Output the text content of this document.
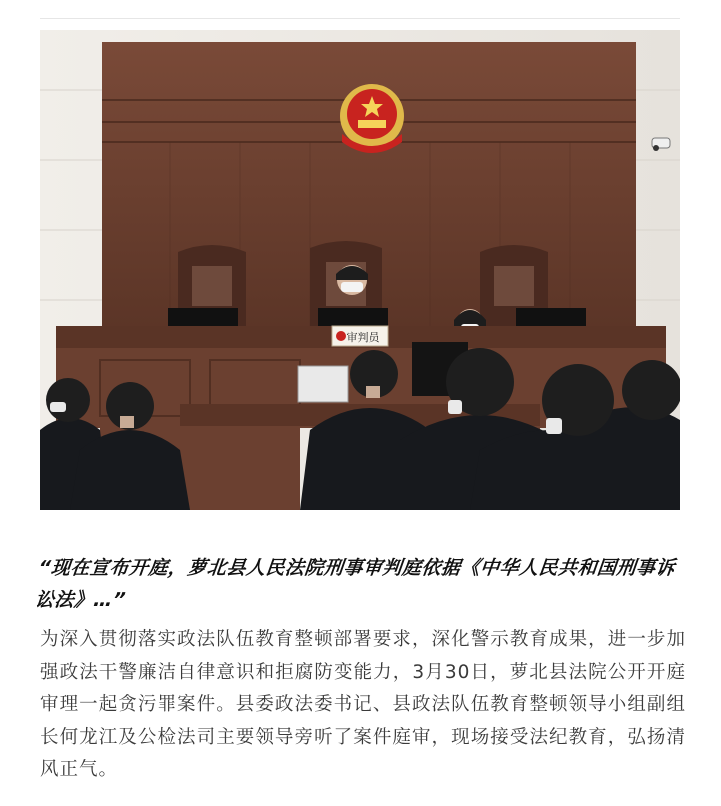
审判员
“现在宣布开庭，萝北县人民法院刑事审判庭依据《中华人民共和国刑事诉讼法》…”
为深入贯彻落实政法队伍教育整顿部署要求，深化警示教育成果，进一步加强政法干警廉洁自律意识和拒腐防变能力，3月30日，萝北县法院公开开庭审理一起贪污罪案件。县委政法委书记、县政法队伍教育整顿领导小组副组长何龙江及公检法司主要领导旁听了案件庭审，现场接受法纪教育，弘扬清风正气。
